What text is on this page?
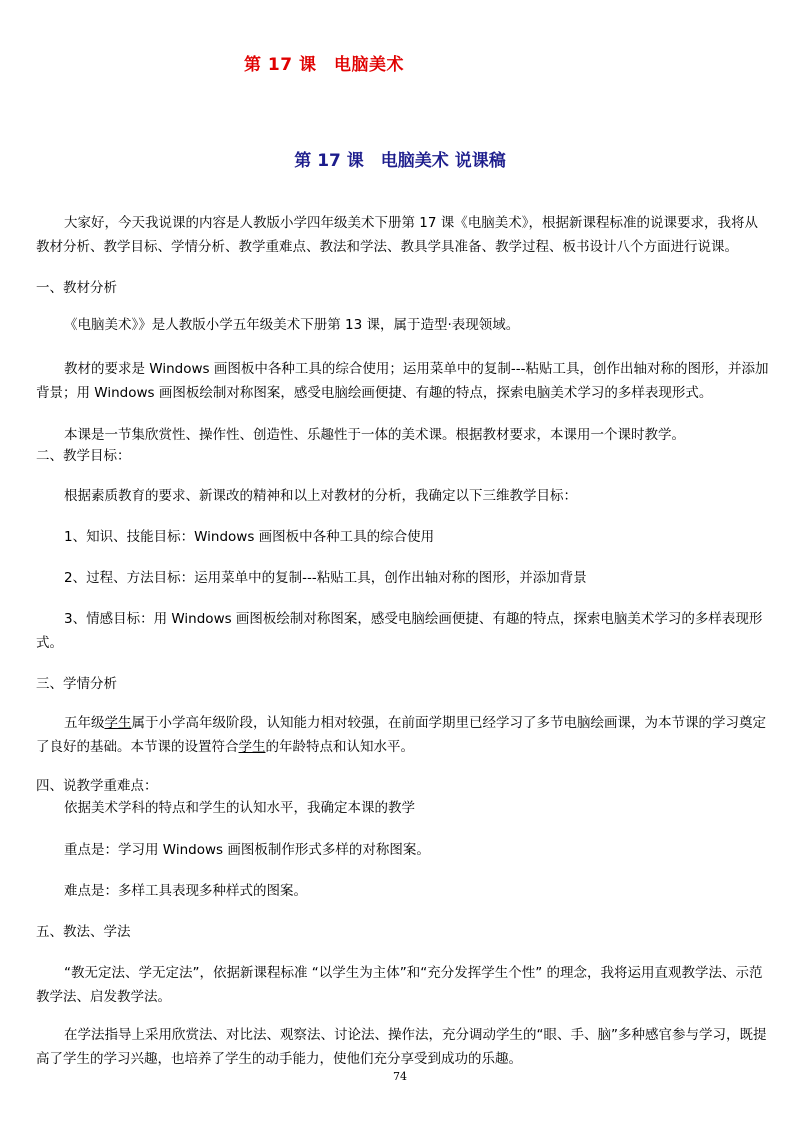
第 17 课　电脑美术
第 17 课　电脑美术 说课稿
大家好，今天我说课的内容是人教版小学四年级美术下册第 17 课《电脑美术》，根据新课程标准的说课要求，我将从教材分析、教学目标、学情分析、教学重难点、教法和学法、教具学具准备、教学过程、板书设计八个方面进行说课。
一、教材分析
《电脑美术》》是人教版小学五年级美术下册第 13 课，属于造型·表现领域。
教材的要求是 Windows 画图板中各种工具的综合使用；运用菜单中的复制---粘贴工具，创作出轴对称的图形，并添加背景；用 Windows 画图板绘制对称图案，感受电脑绘画便捷、有趣的特点，探索电脑美术学习的多样表现形式。
本课是一节集欣赏性、操作性、创造性、乐趣性于一体的美术课。根据教材要求，本课用一个课时教学。
二、教学目标：
根据素质教育的要求、新课改的精神和以上对教材的分析，我确定以下三维教学目标：
1、知识、技能目标：Windows 画图板中各种工具的综合使用
2、过程、方法目标：运用菜单中的复制---粘贴工具，创作出轴对称的图形，并添加背景
3、情感目标：用 Windows 画图板绘制对称图案，感受电脑绘画便捷、有趣的特点，探索电脑美术学习的多样表现形式。
三、学情分析
五年级学生属于小学高年级阶段，认知能力相对较强，在前面学期里已经学习了多节电脑绘画课，为本节课的学习奠定了良好的基础。本节课的设置符合学生的年龄特点和认知水平。
四、说教学重难点：
依据美术学科的特点和学生的认知水平，我确定本课的教学
重点是：学习用 Windows 画图板制作形式多样的对称图案。
难点是：多样工具表现多种样式的图案。
五、教法、学法
“教无定法、学无定法”，依据新课程标准 “以学生为主体”和“充分发挥学生个性” 的理念，我将运用直观教学法、示范教学法、启发教学法。
在学法指导上采用欣赏法、对比法、观察法、讨论法、操作法，充分调动学生的“眼、手、脑”多种感官参与学习，既提高了学生的学习兴趣，也培养了学生的动手能力，使他们充分享受到成功的乐趣。
74
